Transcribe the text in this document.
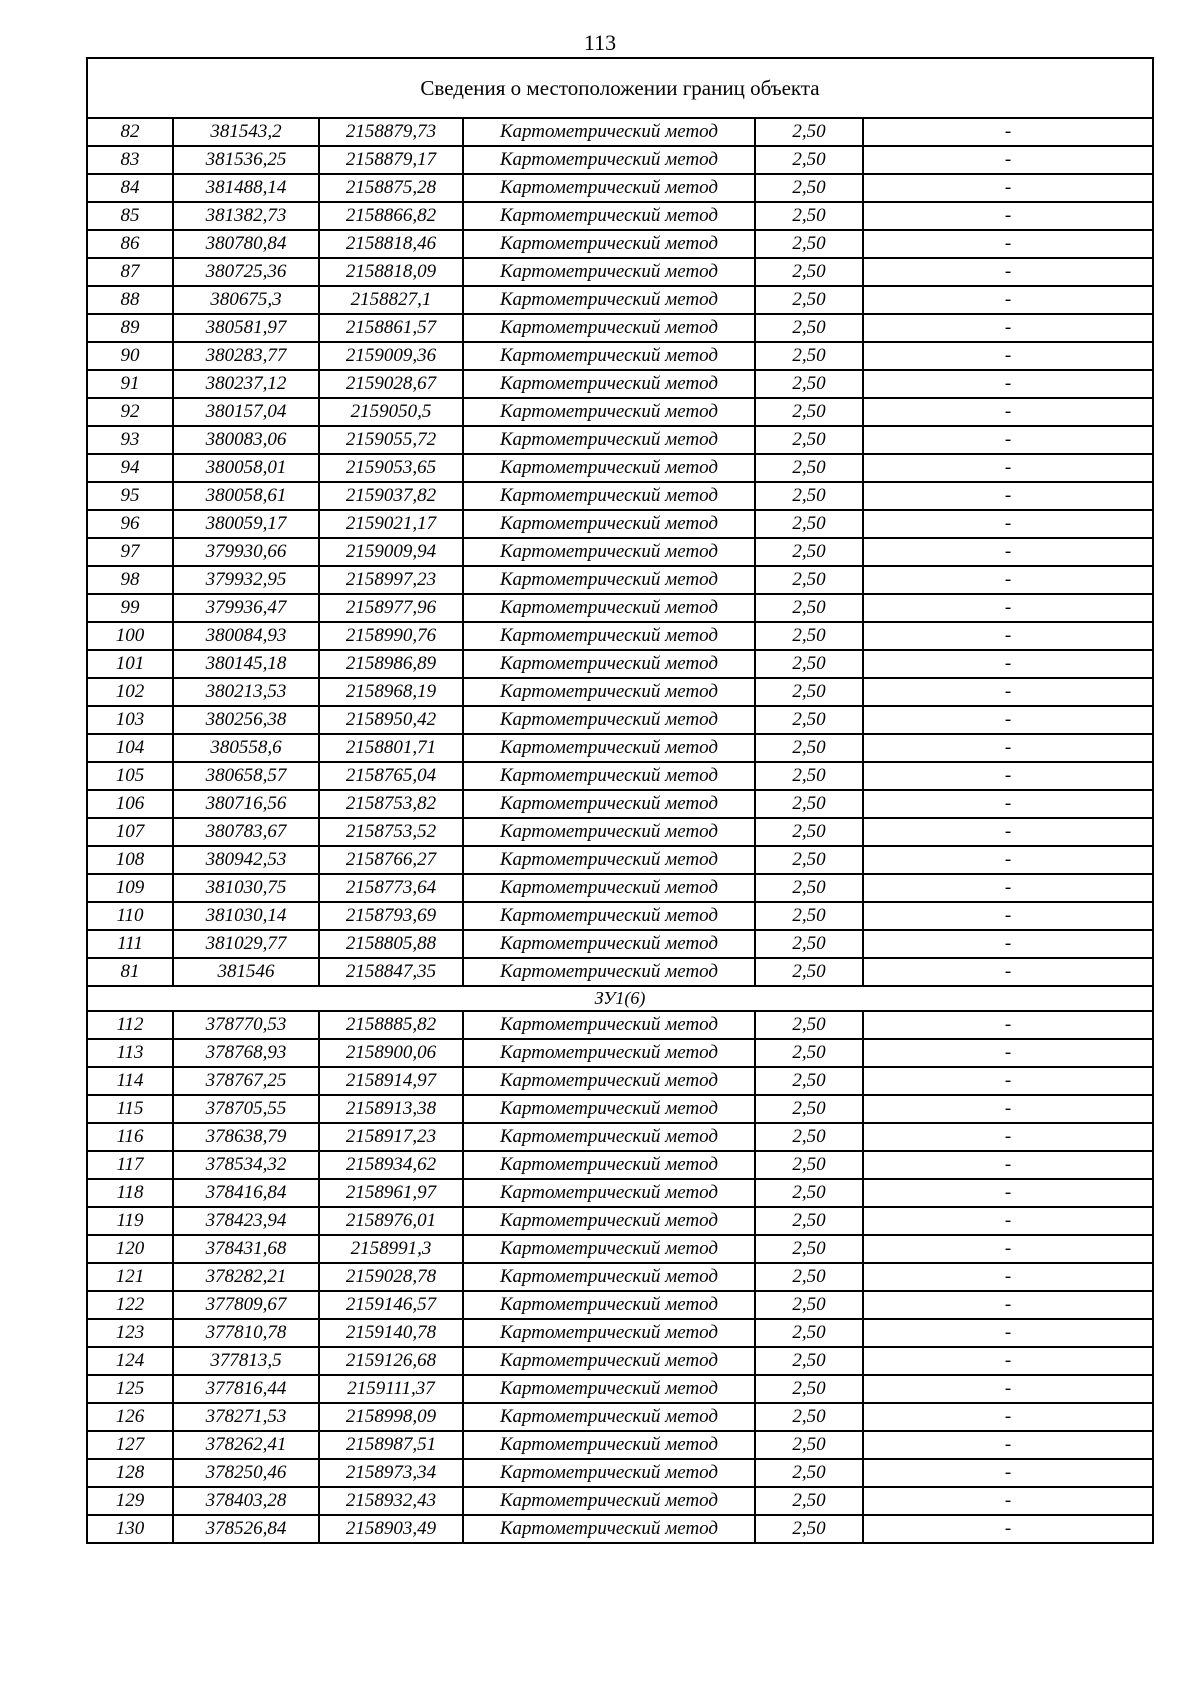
113
Сведения о местоположении границ объекта					
82	381543,2	2158879,73	Картометрический метод	2,50	-
83	381536,25	2158879,17	Картометрический метод	2,50	-
84	381488,14	2158875,28	Картометрический метод	2,50	-
85	381382,73	2158866,82	Картометрический метод	2,50	-
86	380780,84	2158818,46	Картометрический метод	2,50	-
87	380725,36	2158818,09	Картометрический метод	2,50	-
88	380675,3	2158827,1	Картометрический метод	2,50	-
89	380581,97	2158861,57	Картометрический метод	2,50	-
90	380283,77	2159009,36	Картометрический метод	2,50	-
91	380237,12	2159028,67	Картометрический метод	2,50	-
92	380157,04	2159050,5	Картометрический метод	2,50	-
93	380083,06	2159055,72	Картометрический метод	2,50	-
94	380058,01	2159053,65	Картометрический метод	2,50	-
95	380058,61	2159037,82	Картометрический метод	2,50	-
96	380059,17	2159021,17	Картометрический метод	2,50	-
97	379930,66	2159009,94	Картометрический метод	2,50	-
98	379932,95	2158997,23	Картометрический метод	2,50	-
99	379936,47	2158977,96	Картометрический метод	2,50	-
100	380084,93	2158990,76	Картометрический метод	2,50	-
101	380145,18	2158986,89	Картометрический метод	2,50	-
102	380213,53	2158968,19	Картометрический метод	2,50	-
103	380256,38	2158950,42	Картометрический метод	2,50	-
104	380558,6	2158801,71	Картометрический метод	2,50	-
105	380658,57	2158765,04	Картометрический метод	2,50	-
106	380716,56	2158753,82	Картометрический метод	2,50	-
107	380783,67	2158753,52	Картометрический метод	2,50	-
108	380942,53	2158766,27	Картометрический метод	2,50	-
109	381030,75	2158773,64	Картометрический метод	2,50	-
110	381030,14	2158793,69	Картометрический метод	2,50	-
111	381029,77	2158805,88	Картометрический метод	2,50	-
81	381546	2158847,35	Картометрический метод	2,50	-
ЗУ1(6)					
112	378770,53	2158885,82	Картометрический метод	2,50	-
113	378768,93	2158900,06	Картометрический метод	2,50	-
114	378767,25	2158914,97	Картометрический метод	2,50	-
115	378705,55	2158913,38	Картометрический метод	2,50	-
116	378638,79	2158917,23	Картометрический метод	2,50	-
117	378534,32	2158934,62	Картометрический метод	2,50	-
118	378416,84	2158961,97	Картометрический метод	2,50	-
119	378423,94	2158976,01	Картометрический метод	2,50	-
120	378431,68	2158991,3	Картометрический метод	2,50	-
121	378282,21	2159028,78	Картометрический метод	2,50	-
122	377809,67	2159146,57	Картометрический метод	2,50	-
123	377810,78	2159140,78	Картометрический метод	2,50	-
124	377813,5	2159126,68	Картометрический метод	2,50	-
125	377816,44	2159111,37	Картометрический метод	2,50	-
126	378271,53	2158998,09	Картометрический метод	2,50	-
127	378262,41	2158987,51	Картометрический метод	2,50	-
128	378250,46	2158973,34	Картометрический метод	2,50	-
129	378403,28	2158932,43	Картометрический метод	2,50	-
130	378526,84	2158903,49	Картометрический метод	2,50	-
